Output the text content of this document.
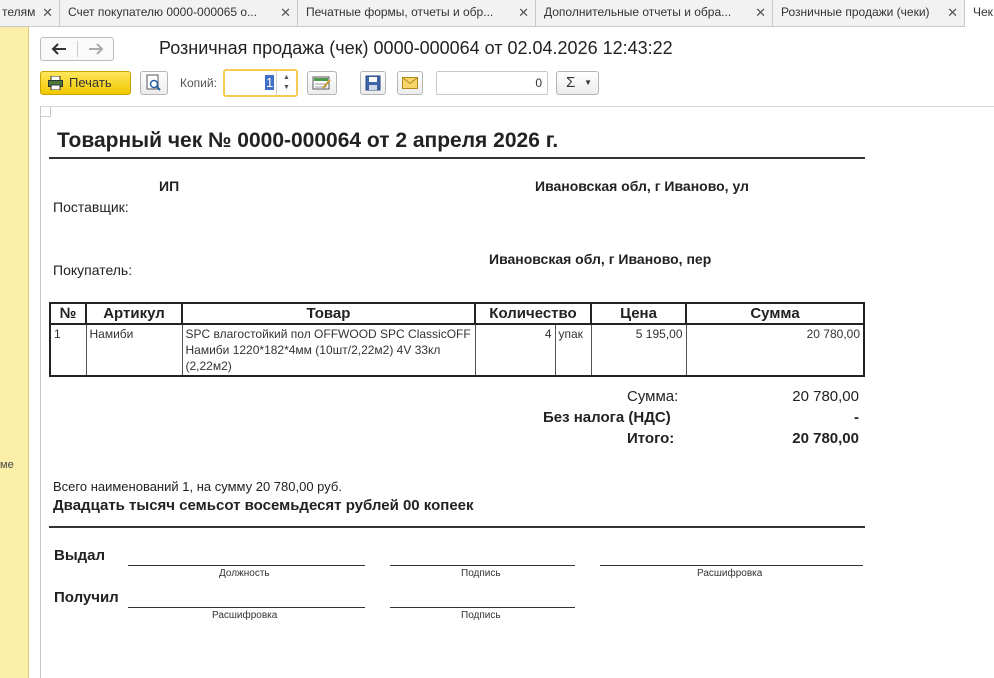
телям ✕	Счет покупателю 0000-000065 о... ✕	Печатные формы, отчеты и обр... ✕	Дополнительные отчеты и обра... ✕	Розничные продажи (чеки) ✕	Чек
ме
Розничная продажа (чек) 0000-000064 от 02.04.2026 12:43:22
Печать	Копий:	1 ▲
▼	0	Σ ▼
Товарный чек № 0000-000064 от 2 апреля 2026 г.
ИП	Ивановская обл, г Иваново, ул
Поставщик:
Ивановская обл, г Иваново, пер
Покупатель:
№	Артикул	Товар	Количество		Цена	Сумма
1	Намиби	SPC влагостойкий пол OFFWOOD SPC ClassicOFF Намиби 1220*182*4мм (10шт/2,22м2) 4V 33кл (2,22м2)	4	упак	5 195,00	20 780,00
Сумма:	20 780,00
Без налога (НДС)	-
Итого:	20 780,00
Всего наименований 1, на сумму 20 780,00 руб.
Двадцать тысяч семьсот восемьдесят рублей 00 копеек
Выдал
Должность	Подпись	Расшифровка
Получил
Расшифровка	Подпись
